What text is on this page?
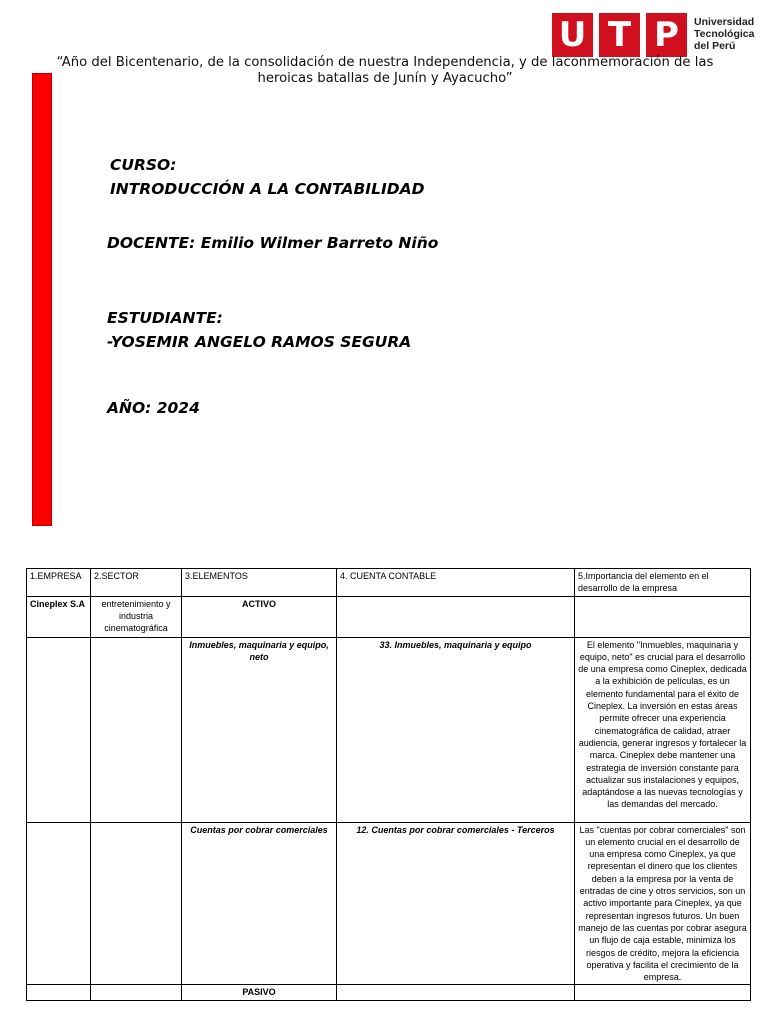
U T P	Universidad
Tecnológica
del Perú
“Año del Bicentenario, de la consolidación de nuestra Independencia, y de laconmemoración de las heroicas batallas de Junín y Ayacucho”
CURSO:
INTRODUCCIÓN A LA CONTABILIDAD
DOCENTE: Emilio Wilmer Barreto Niño
ESTUDIANTE:
-YOSEMIR ANGELO RAMOS SEGURA
AÑO: 2024
1.EMPRESA	2.SECTOR	3.ELEMENTOS	4. CUENTA CONTABLE	5.Importancia del elemento en el desarrollo de la empresa
Cineplex S.A	entretenimiento y industria cinematográfica	ACTIVO		
		Inmuebles, maquinaria y equipo, neto	33. Inmuebles, maquinaria y equipo	El elemento "Inmuebles, maquinaria y equipo, neto" es crucial para el desarrollo de una empresa como Cineplex, dedicada a la exhibición de películas, es un elemento fundamental para el éxito de Cineplex. La inversión en estas áreas permite ofrecer una experiencia cinematográfica de calidad, atraer audiencia, generar ingresos y fortalecer la marca. Cineplex debe mantener una estrategia de inversión constante para actualizar sus instalaciones y equipos, adaptándose a las nuevas tecnologías y las demandas del mercado.
		Cuentas por cobrar comerciales	12. Cuentas por cobrar comerciales - Terceros	Las "cuentas por cobrar comerciales" son un elemento crucial en el desarrollo de una empresa como Cineplex, ya que representan el dinero que los clientes deben a la empresa por la venta de entradas de cine y otros servicios, son un activo importante para Cineplex, ya que representan ingresos futuros. Un buen manejo de las cuentas por cobrar asegura un flujo de caja estable, minimiza los riesgos de crédito, mejora la eficiencia operativa y facilita el crecimiento de la empresa.
		PASIVO		
